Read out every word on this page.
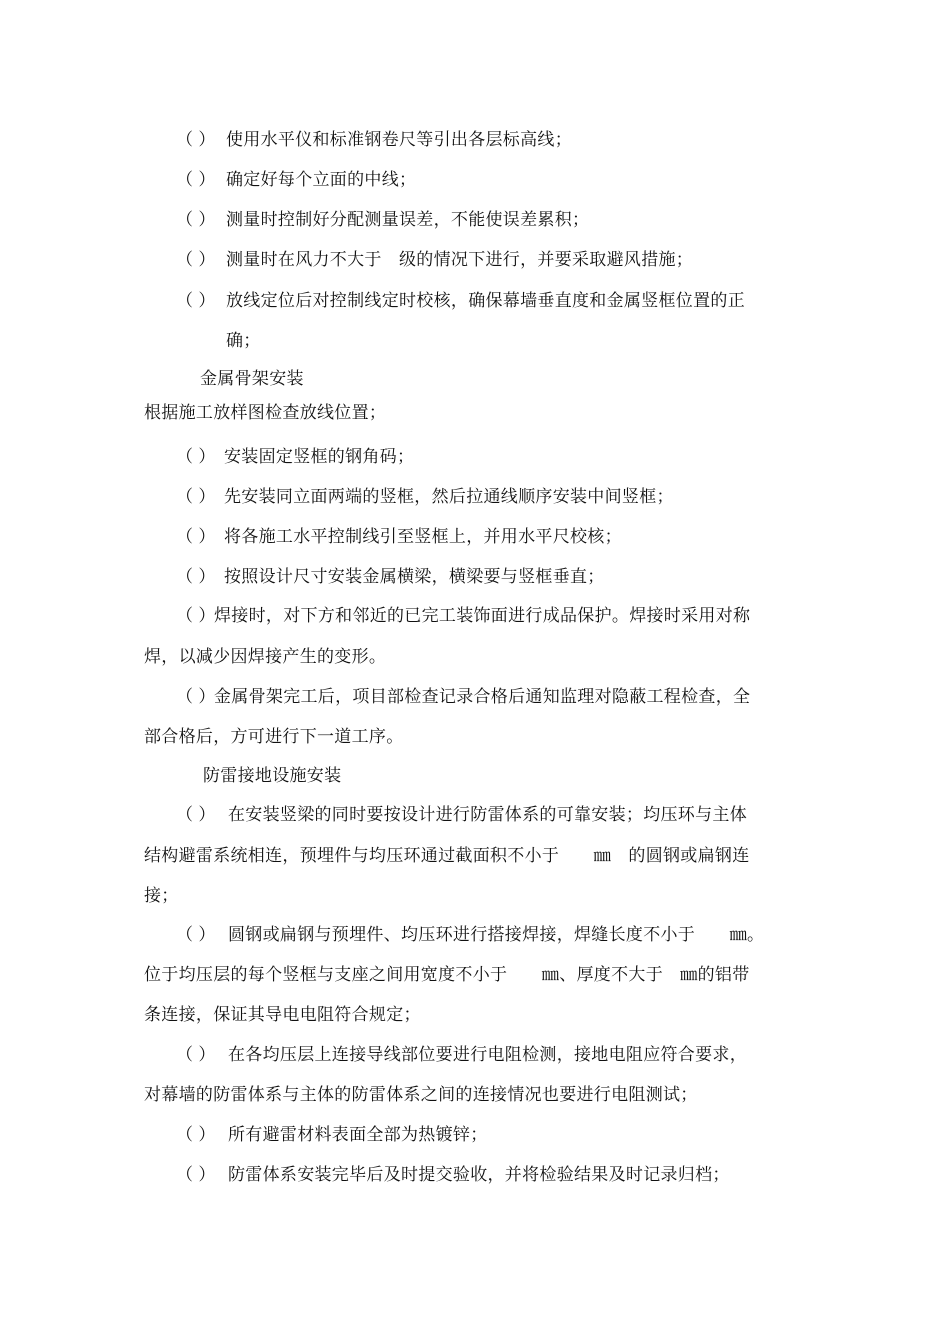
（ ） 使用水平仪和标准钢卷尺等引出各层标高线；
（ ） 确定好每个立面的中线；
（ ） 测量时控制好分配测量误差，不能使误差累积；
（ ） 测量时在风力不大于　级的情况下进行，并要采取避风措施；
（ ） 放线定位后对控制线定时校核，确保幕墙垂直度和金属竖框位置的正
确；
金属骨架安装
根据施工放样图检查放线位置；
（ ） 安装固定竖框的钢角码；
（ ） 先安装同立面两端的竖框，然后拉通线顺序安装中间竖框；
（ ） 将各施工水平控制线引至竖框上，并用水平尺校核；
（ ） 按照设计尺寸安装金属横梁，横梁要与竖框垂直；
（ ）
焊接时，对下方和邻近的已完工装饰面进行成品保护。焊接时采用对称
焊，以减少因焊接产生的变形。
（ ）
金属骨架完工后，项目部检查记录合格后通知监理对隐蔽工程检查，全
部合格后，方可进行下一道工序。
防雷接地设施安装
（ ） 在安装竖梁的同时要按设计进行防雷体系的可靠安装；均压环与主体
结构避雷系统相连，预埋件与均压环通过截面积不小于　　㎜　的圆钢或扁钢连
接；
（ ） 圆钢或扁钢与预埋件、均压环进行搭接焊接，焊缝长度不小于　　㎜。
位于均压层的每个竖框与支座之间用宽度不小于　　㎜、厚度不大于　㎜的铝带
条连接，保证其导电电阻符合规定；
（ ） 在各均压层上连接导线部位要进行电阻检测，接地电阻应符合要求，
对幕墙的防雷体系与主体的防雷体系之间的连接情况也要进行电阻测试；
（ ） 所有避雷材料表面全部为热镀锌；
（ ） 防雷体系安装完毕后及时提交验收，并将检验结果及时记录归档；
